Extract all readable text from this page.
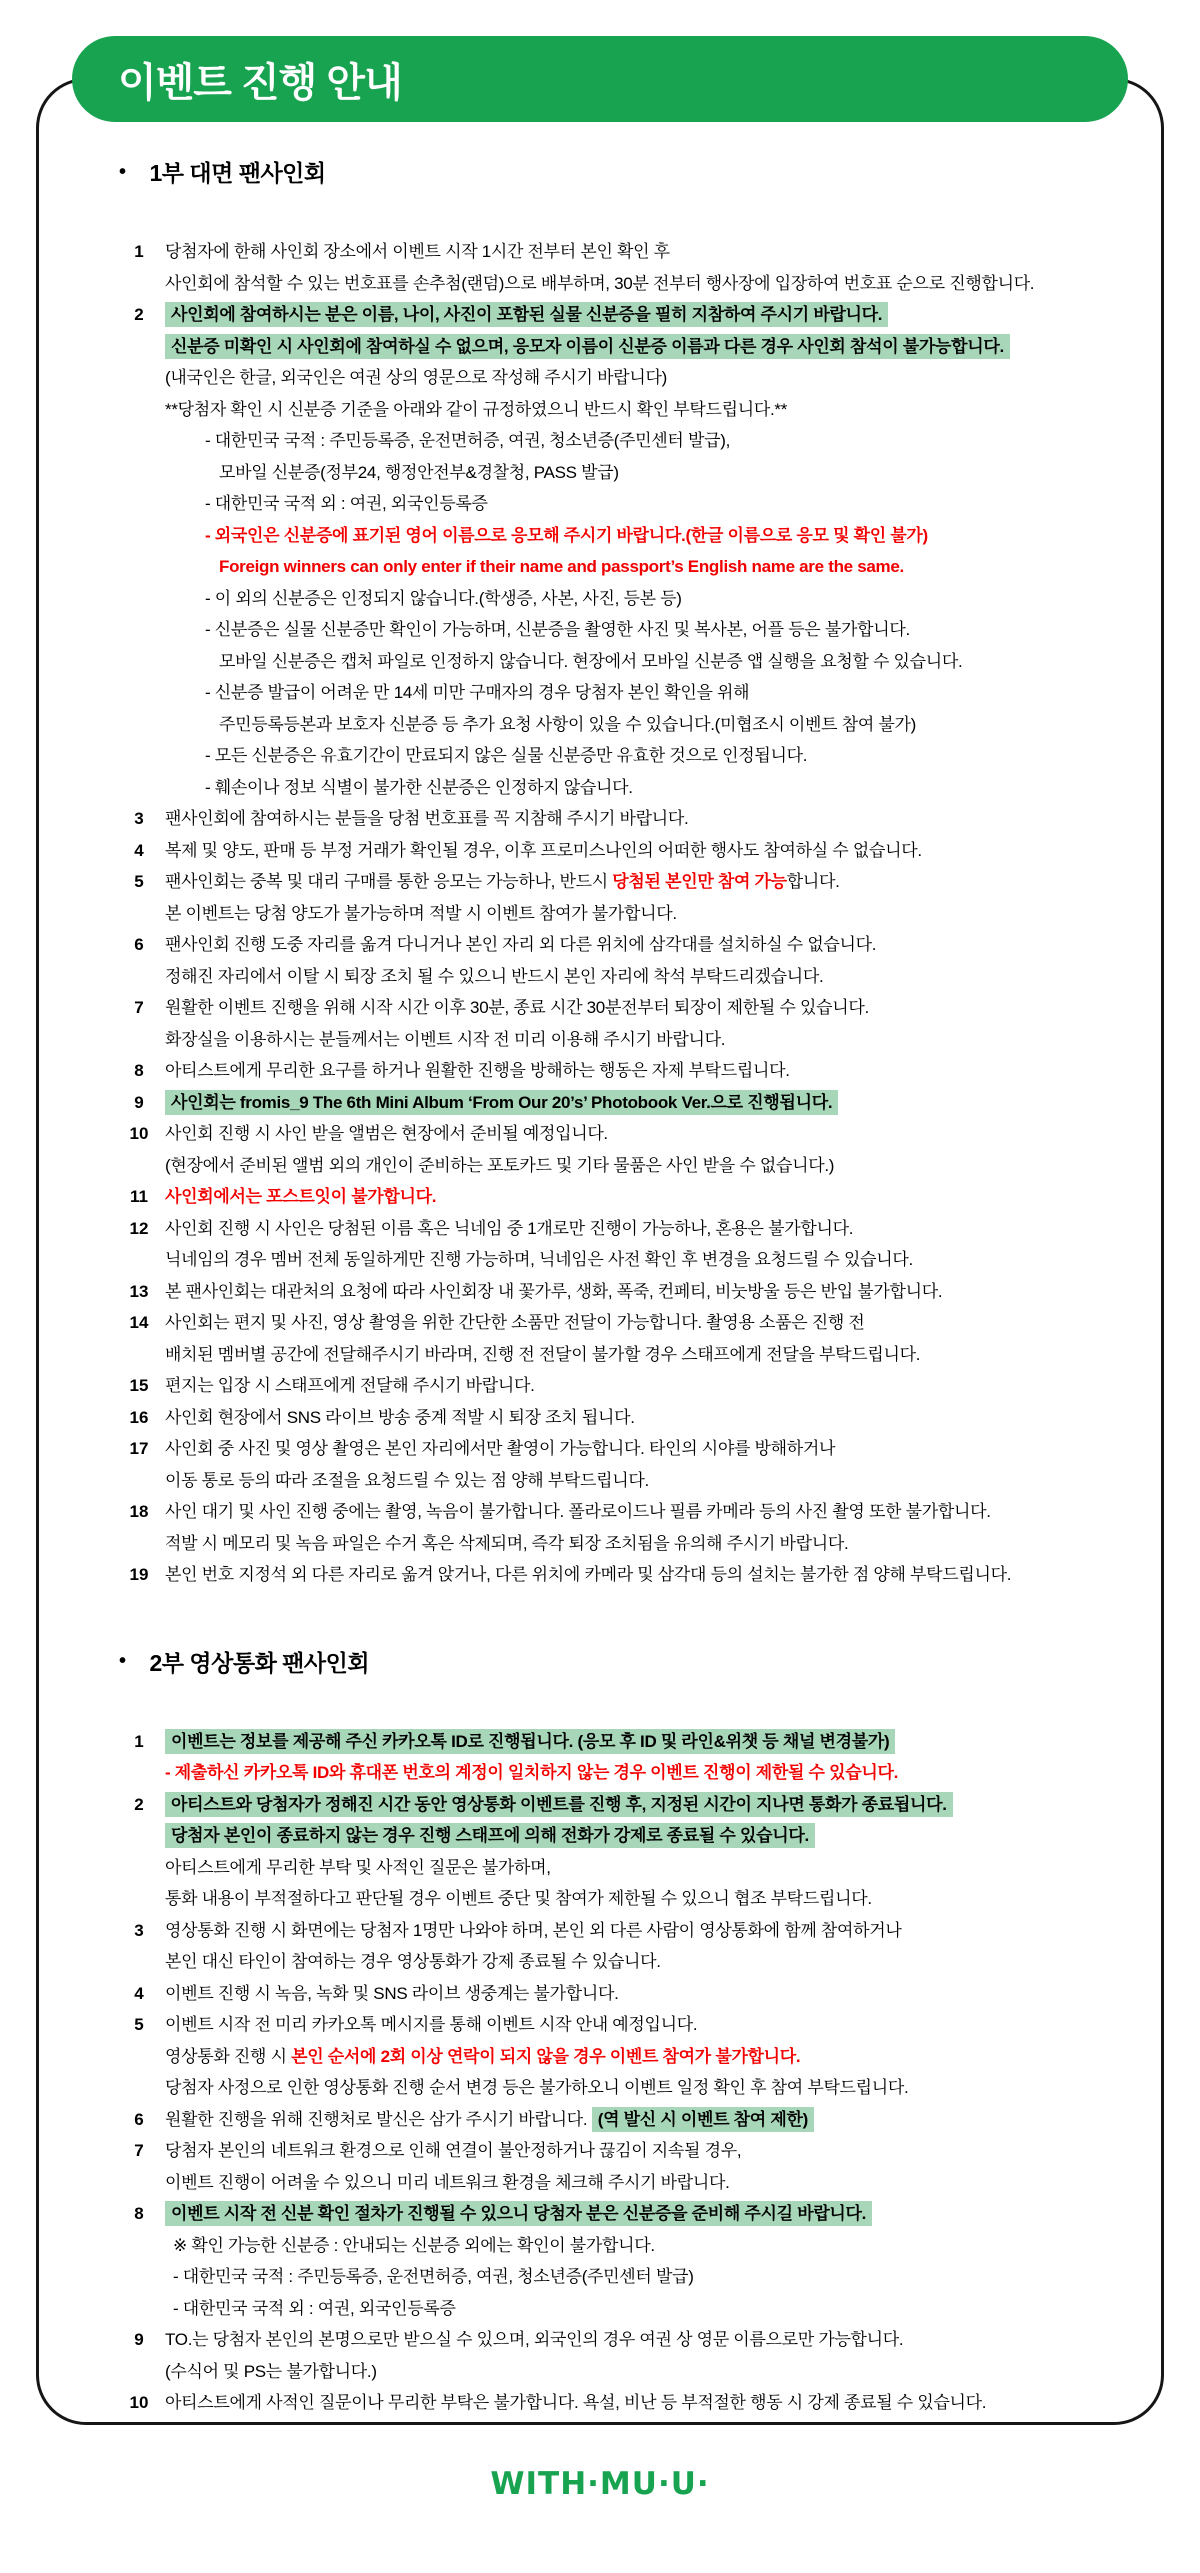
이벤트 진행 안내
• 1부 대면 팬사인회
1	당첨자에 한해 사인회 장소에서 이벤트 시작 1시간 전부터 본인 확인 후
사인회에 참석할 수 있는 번호표를 손추첨(랜덤)으로 배부하며, 30분 전부터 행사장에 입장하여 번호표 순으로 진행합니다.
2	사인회에 참여하시는 분은 이름, 나이, 사진이 포함된 실물 신분증을 필히 지참하여 주시기 바랍니다.
신분증 미확인 시 사인회에 참여하실 수 없으며, 응모자 이름이 신분증 이름과 다른 경우 사인회 참석이 불가능합니다.
(내국인은 한글, 외국인은 여권 상의 영문으로 작성해 주시기 바랍니다)
**당첨자 확인 시 신분증 기준을 아래와 같이 규정하였으니 반드시 확인 부탁드립니다.**
- 대한민국 국적 : 주민등록증, 운전면허증, 여권, 청소년증(주민센터 발급),
모바일 신분증(정부24, 행정안전부&경찰청, PASS 발급)
- 대한민국 국적 외 : 여권, 외국인등록증
- 외국인은 신분증에 표기된 영어 이름으로 응모해 주시기 바랍니다.(한글 이름으로 응모 및 확인 불가)
Foreign winners can only enter if their name and passport’s English name are the same.
- 이 외의 신분증은 인정되지 않습니다.(학생증, 사본, 사진, 등본 등)
- 신분증은 실물 신분증만 확인이 가능하며, 신분증을 촬영한 사진 및 복사본, 어플 등은 불가합니다.
모바일 신분증은 캡처 파일로 인정하지 않습니다. 현장에서 모바일 신분증 앱 실행을 요청할 수 있습니다.
- 신분증 발급이 어려운 만 14세 미만 구매자의 경우 당첨자 본인 확인을 위해
주민등록등본과 보호자 신분증 등 추가 요청 사항이 있을 수 있습니다.(미협조시 이벤트 참여 불가)
- 모든 신분증은 유효기간이 만료되지 않은 실물 신분증만 유효한 것으로 인정됩니다.
- 훼손이나 정보 식별이 불가한 신분증은 인정하지 않습니다.
3	팬사인회에 참여하시는 분들을 당첨 번호표를 꼭 지참해 주시기 바랍니다.
4	복제 및 양도, 판매 등 부정 거래가 확인될 경우, 이후 프로미스나인의 어떠한 행사도 참여하실 수 없습니다.
5	팬사인회는 중복 및 대리 구매를 통한 응모는 가능하나, 반드시 당첨된 본인만 참여 가능합니다.
본 이벤트는 당첨 양도가 불가능하며 적발 시 이벤트 참여가 불가합니다.
6	팬사인회 진행 도중 자리를 옮겨 다니거나 본인 자리 외 다른 위치에 삼각대를 설치하실 수 없습니다.
정해진 자리에서 이탈 시 퇴장 조치 될 수 있으니 반드시 본인 자리에 착석 부탁드리겠습니다.
7	원활한 이벤트 진행을 위해 시작 시간 이후 30분, 종료 시간 30분전부터 퇴장이 제한될 수 있습니다.
화장실을 이용하시는 분들께서는 이벤트 시작 전 미리 이용해 주시기 바랍니다.
8	아티스트에게 무리한 요구를 하거나 원활한 진행을 방해하는 행동은 자제 부탁드립니다.
9	사인회는 fromis_9 The 6th Mini Album ‘From Our 20’s’ Photobook Ver.으로 진행됩니다.
10 사인회 진행 시 사인 받을 앨범은 현장에서 준비될 예정입니다.
(현장에서 준비된 앨범 외의 개인이 준비하는 포토카드 및 기타 물품은 사인 받을 수 없습니다.)
11	사인회에서는 포스트잇이 불가합니다.
12 사인회 진행 시 사인은 당첨된 이름 혹은 닉네임 중 1개로만 진행이 가능하나, 혼용은 불가합니다.
닉네임의 경우 멤버 전체 동일하게만 진행 가능하며, 닉네임은 사전 확인 후 변경을 요청드릴 수 있습니다.
13 본 팬사인회는 대관처의 요청에 따라 사인회장 내 꽃가루, 생화, 폭죽, 컨페티, 비눗방울 등은 반입 불가합니다.
14 사인회는 편지 및 사진, 영상 촬영을 위한 간단한 소품만 전달이 가능합니다. 촬영용 소품은 진행 전
배치된 멤버별 공간에 전달해주시기 바라며, 진행 전 전달이 불가할 경우 스태프에게 전달을 부탁드립니다.
15 편지는 입장 시 스태프에게 전달해 주시기 바랍니다.
16 사인회 현장에서 SNS 라이브 방송 중계 적발 시 퇴장 조치 됩니다.
17 사인회 중 사진 및 영상 촬영은 본인 자리에서만 촬영이 가능합니다. 타인의 시야를 방해하거나
이동 통로 등의 따라 조절을 요청드릴 수 있는 점 양해 부탁드립니다.
18 사인 대기 및 사인 진행 중에는 촬영, 녹음이 불가합니다. 폴라로이드나 필름 카메라 등의 사진 촬영 또한 불가합니다.
적발 시 메모리 및 녹음 파일은 수거 혹은 삭제되며, 즉각 퇴장 조치됨을 유의해 주시기 바랍니다.
19 본인 번호 지정석 외 다른 자리로 옮겨 앉거나, 다른 위치에 카메라 및 삼각대 등의 설치는 불가한 점 양해 부탁드립니다.
• 2부 영상통화 팬사인회
1	이벤트는 정보를 제공해 주신 카카오톡 ID로 진행됩니다. (응모 후 ID 및 라인&위챗 등 채널 변경불가)
- 제출하신 카카오톡 ID와 휴대폰 번호의 계정이 일치하지 않는 경우 이벤트 진행이 제한될 수 있습니다.
2	아티스트와 당첨자가 정해진 시간 동안 영상통화 이벤트를 진행 후, 지정된 시간이 지나면 통화가 종료됩니다.
당첨자 본인이 종료하지 않는 경우 진행 스태프에 의해 전화가 강제로 종료될 수 있습니다.
아티스트에게 무리한 부탁 및 사적인 질문은 불가하며,
통화 내용이 부적절하다고 판단될 경우 이벤트 중단 및 참여가 제한될 수 있으니 협조 부탁드립니다.
3	영상통화 진행 시 화면에는 당첨자 1명만 나와야 하며, 본인 외 다른 사람이 영상통화에 함께 참여하거나
본인 대신 타인이 참여하는 경우 영상통화가 강제 종료될 수 있습니다.
4	이벤트 진행 시 녹음, 녹화 및 SNS 라이브 생중계는 불가합니다.
5	이벤트 시작 전 미리 카카오톡 메시지를 통해 이벤트 시작 안내 예정입니다.
영상통화 진행 시 본인 순서에 2회 이상 연락이 되지 않을 경우 이벤트 참여가 불가합니다.
당첨자 사정으로 인한 영상통화 진행 순서 변경 등은 불가하오니 이벤트 일정 확인 후 참여 부탁드립니다.
6	원활한 진행을 위해 진행처로 발신은 삼가 주시기 바랍니다. (역 발신 시 이벤트 참여 제한)
7	당첨자 본인의 네트워크 환경으로 인해 연결이 불안정하거나 끊김이 지속될 경우,
이벤트 진행이 어려울 수 있으니 미리 네트워크 환경을 체크해 주시기 바랍니다.
8	이벤트 시작 전 신분 확인 절차가 진행될 수 있으니 당첨자 분은 신분증을 준비해 주시길 바랍니다.
※ 확인 가능한 신분증 : 안내되는 신분증 외에는 확인이 불가합니다.
- 대한민국 국적 : 주민등록증, 운전면허증, 여권, 청소년증(주민센터 발급)
- 대한민국 국적 외 : 여권, 외국인등록증
9	TO.는 당첨자 본인의 본명으로만 받으실 수 있으며, 외국인의 경우 여권 상 영문 이름으로만 가능합니다.
(수식어 및 PS는 불가합니다.)
10 아티스트에게 사적인 질문이나 무리한 부탁은 불가합니다. 욕설, 비난 등 부적절한 행동 시 강제 종료될 수 있습니다.
WITH·MU·U·
